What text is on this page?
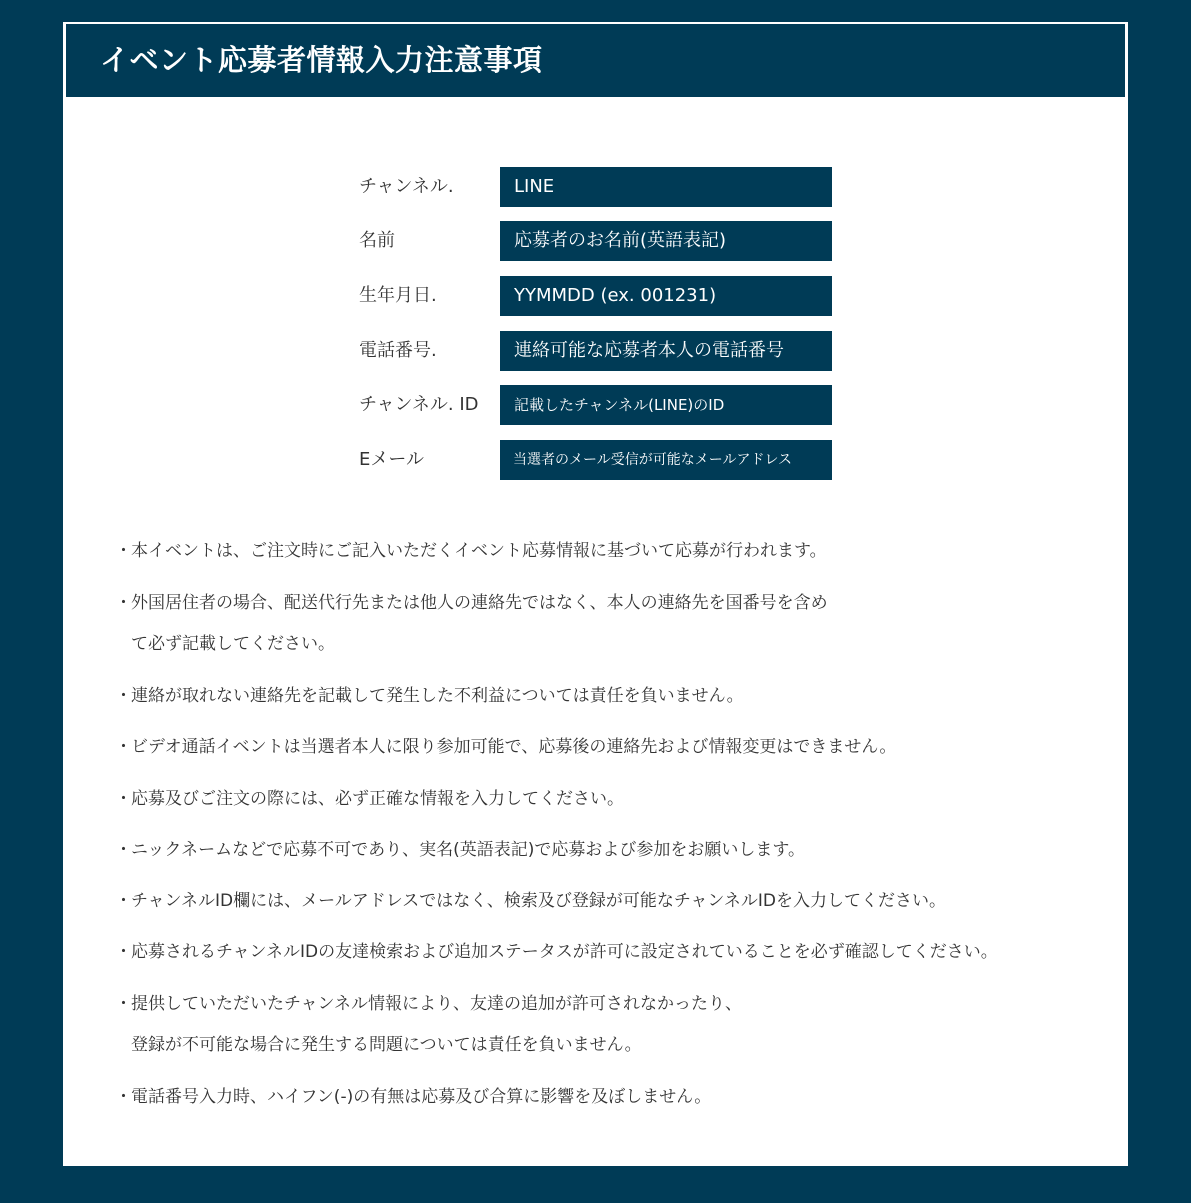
イベント応募者情報入力注意事項
チャンネル.	LINE
名前	応募者のお名前(英語表記)
生年月日.	YYMMDD (ex. 001231)
電話番号.	連絡可能な応募者本人の電話番号
チャンネル. ID	記載したチャンネル(LINE)のID
Eメール	当選者のメール受信が可能なメールアドレス
・本イベントは、ご注文時にご記入いただくイベント応募情報に基づいて応募が行われます。
・外国居住者の場合、配送代行先または他人の連絡先ではなく、本人の連絡先を国番号を含め
て必ず記載してください。
・連絡が取れない連絡先を記載して発生した不利益については責任を負いません。
・ビデオ通話イベントは当選者本人に限り参加可能で、応募後の連絡先および情報変更はできません。
・応募及びご注文の際には、必ず正確な情報を入力してください。
・ニックネームなどで応募不可であり、実名(英語表記)で応募および参加をお願いします。
・チャンネルID欄には、メールアドレスではなく、検索及び登録が可能なチャンネルIDを入力してください。
・応募されるチャンネルIDの友達検索および追加ステータスが許可に設定されていることを必ず確認してください。
・提供していただいたチャンネル情報により、友達の追加が許可されなかったり、
登録が不可能な場合に発生する問題については責任を負いません。
・電話番号入力時、ハイフン(-)の有無は応募及び合算に影響を及ぼしません。
